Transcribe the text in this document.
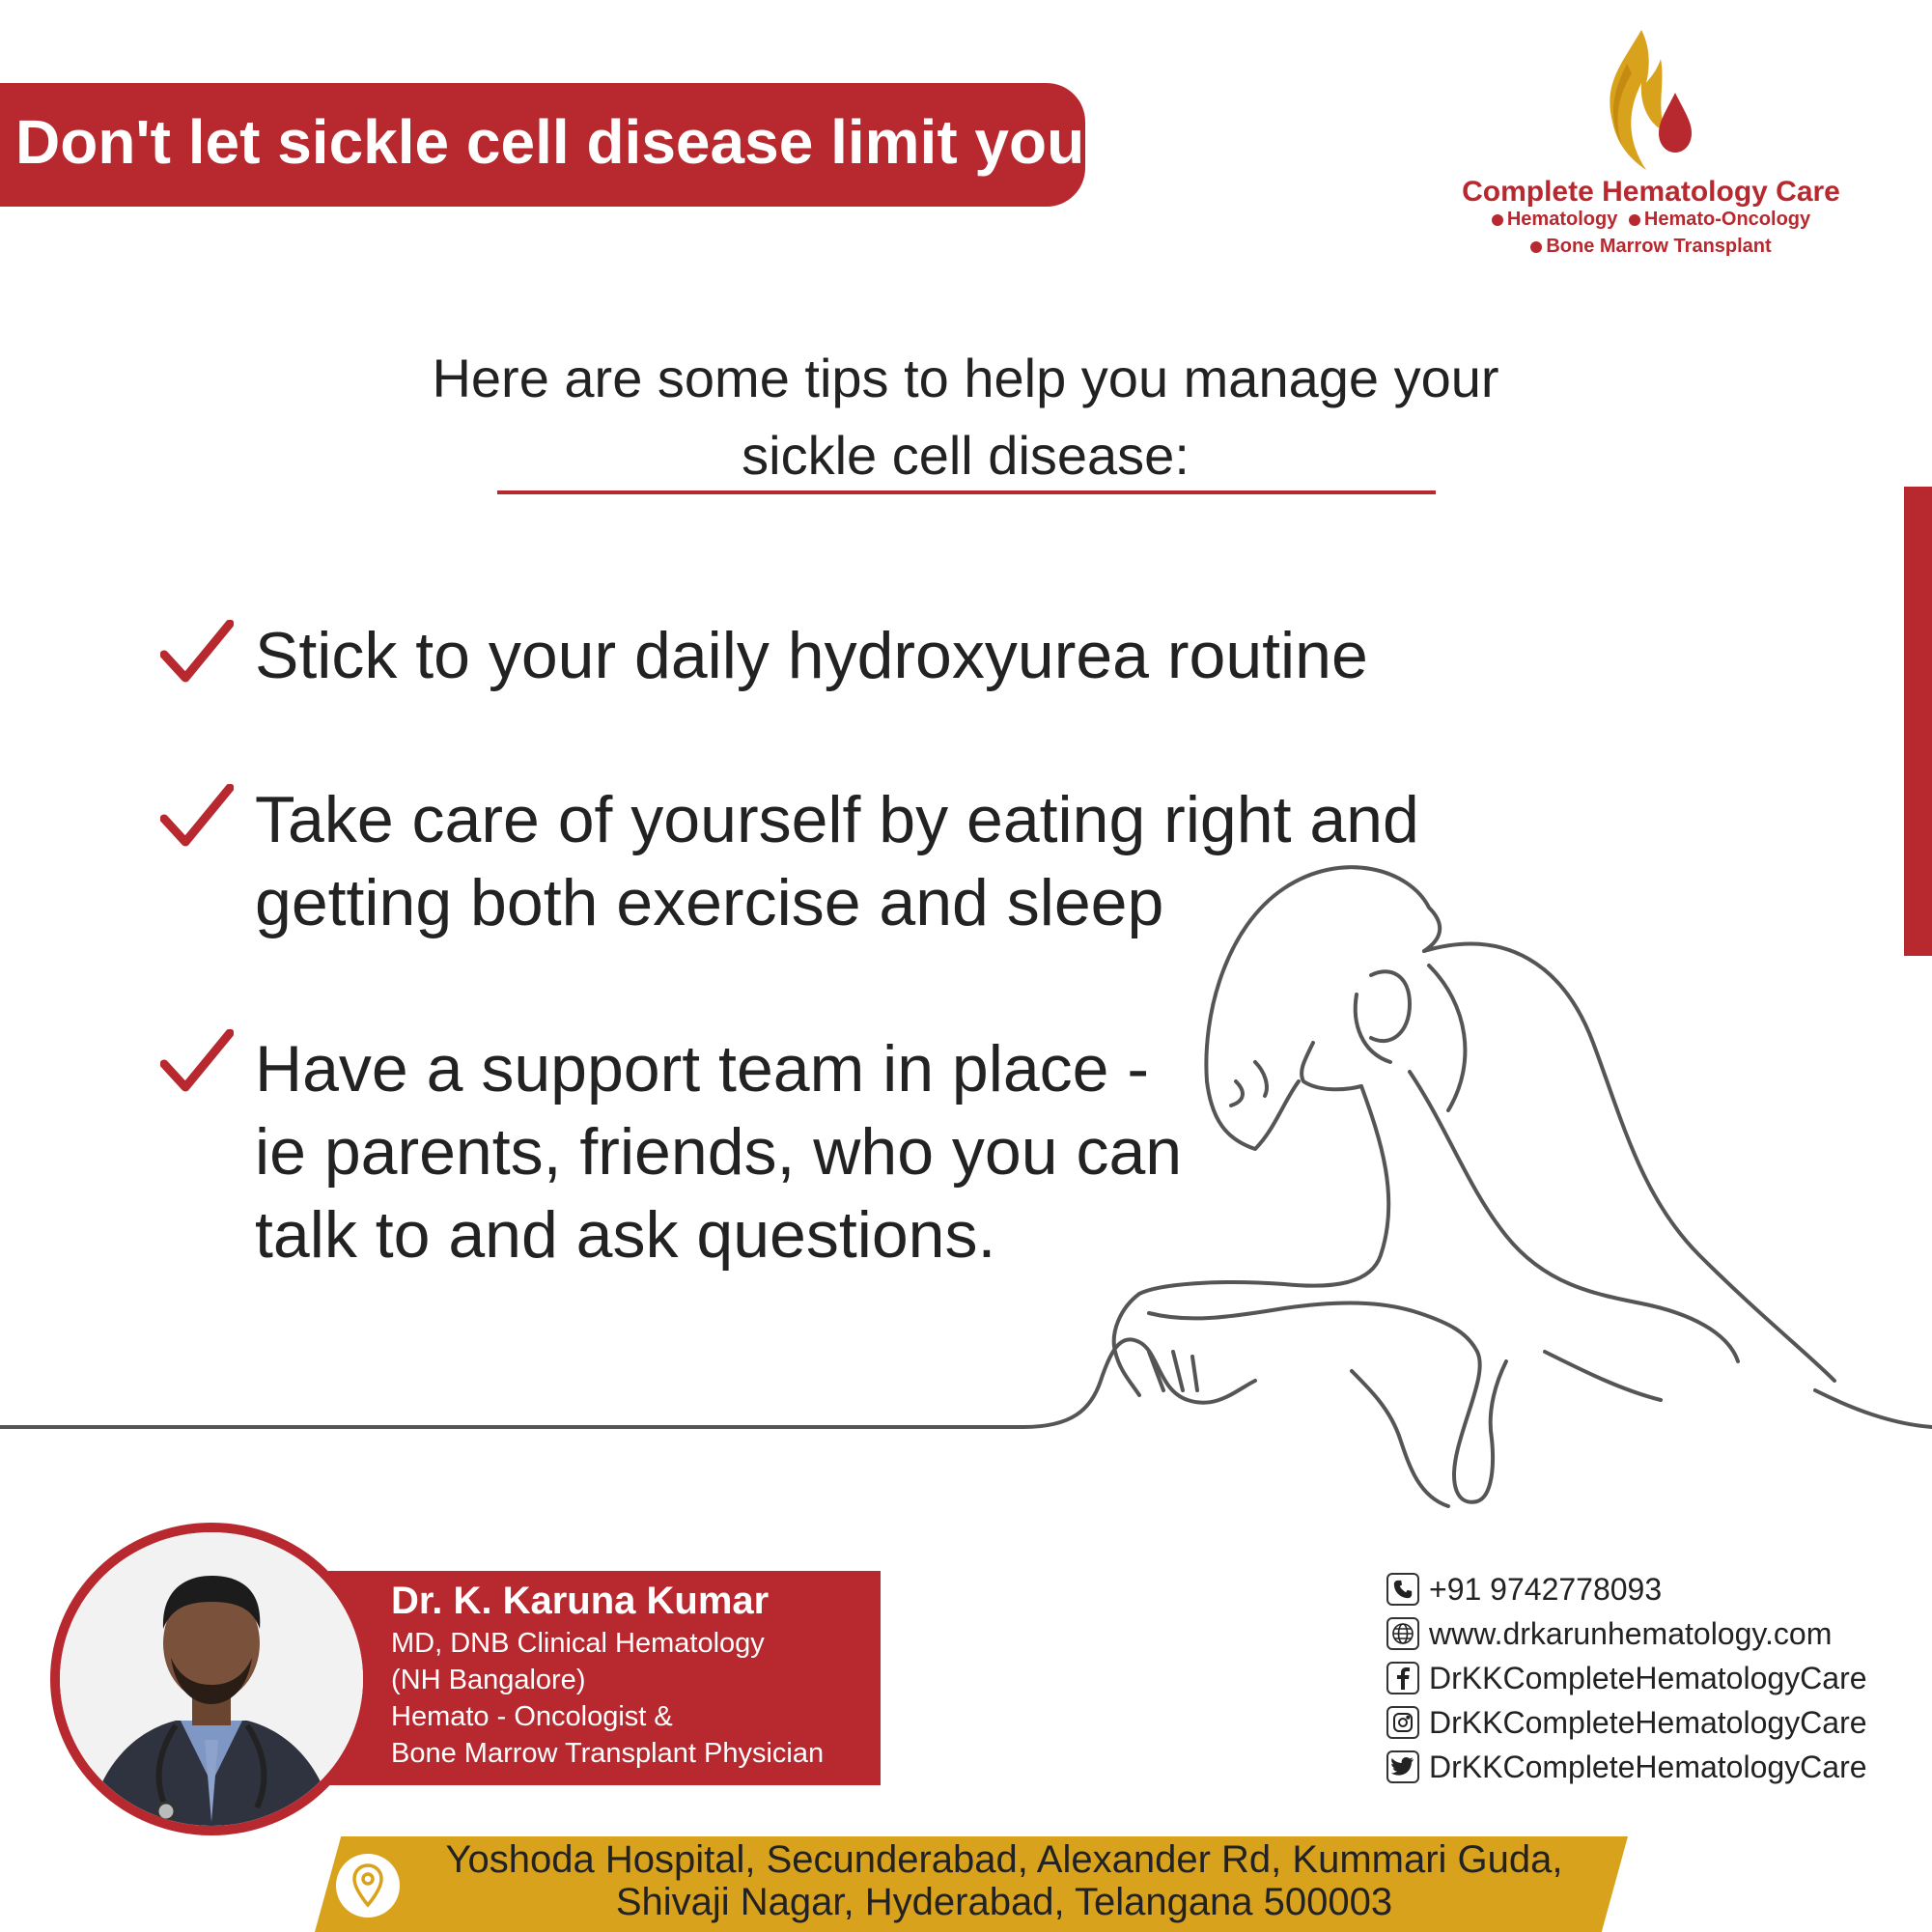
Don't let sickle cell disease limit you.
Complete Hematology Care
Hematology Hemato-Oncology
Bone Marrow Transplant
Here are some tips to help you manage your
sickle cell disease:
Stick to your daily hydroxyurea routine
Take care of yourself by eating right and
getting both exercise and sleep
Have a support team in place -
ie parents, friends, who you can
talk to and ask questions.
Dr. K. Karuna Kumar
MD, DNB Clinical Hematology
(NH Bangalore)
Hemato - Oncologist &
Bone Marrow Transplant Physician
+91 9742778093
www.drkarunhematology.com
DrKKCompleteHematologyCare
DrKKCompleteHematologyCare
DrKKCompleteHematologyCare
Yoshoda Hospital, Secunderabad, Alexander Rd, Kummari Guda,
Shivaji Nagar, Hyderabad, Telangana 500003
